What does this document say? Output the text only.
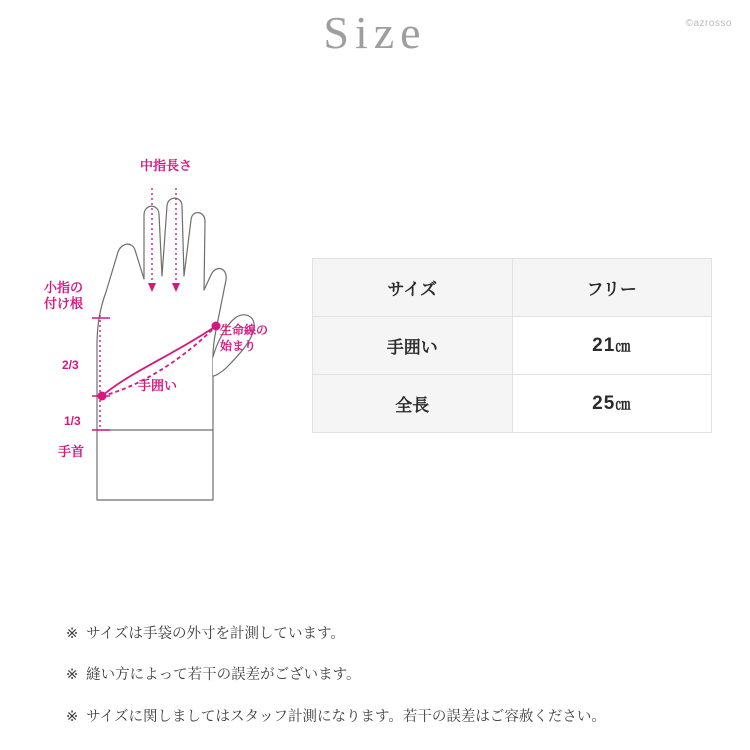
Size	©azrosso
中指長さ
小指の
付け根
2/3
1/3
手首
生命線の
始まり
手囲い
サイズ	フリー
手囲い	21㎝
全長	25㎝
※ サイズは手袋の外寸を計測しています。
※ 縫い方によって若干の誤差がございます。
※ サイズに関しましてはスタッフ計測になります。若干の誤差はご容赦ください。
